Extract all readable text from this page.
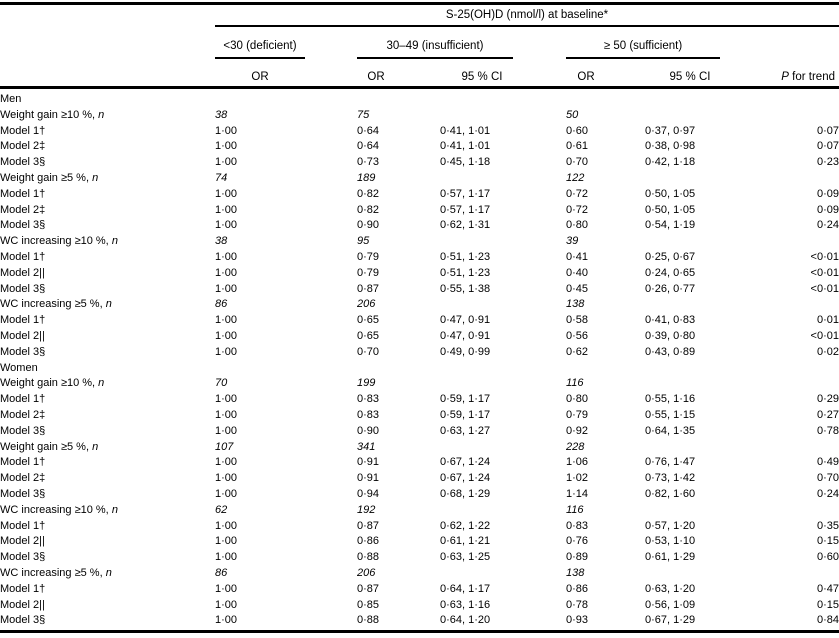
S-25(OH)D (nmol/l) at baseline*
<30 (deficient)	30–49 (insufficient)	≥ 50 (sufficient)
OR	OR	95 % CI	OR	95 % CI	P for trend
Men						
Weight gain ≥10 %, n	38	75		50		
Model 1†	1·00	0·64	0·41, 1·01	0·60	0·37, 0·97	0·07
Model 2‡	1·00	0·64	0·41, 1·01	0·61	0·38, 0·98	0·07
Model 3§	1·00	0·73	0·45, 1·18	0·70	0·42, 1·18	0·23
Weight gain ≥5 %, n	74	189		122		
Model 1†	1·00	0·82	0·57, 1·17	0·72	0·50, 1·05	0·09
Model 2‡	1·00	0·82	0·57, 1·17	0·72	0·50, 1·05	0·09
Model 3§	1·00	0·90	0·62, 1·31	0·80	0·54, 1·19	0·24
WC increasing ≥10 %, n	38	95		39		
Model 1†	1·00	0·79	0·51, 1·23	0·41	0·25, 0·67	<0·01
Model 2||	1·00	0·79	0·51, 1·23	0·40	0·24, 0·65	<0·01
Model 3§	1·00	0·87	0·55, 1·38	0·45	0·26, 0·77	<0·01
WC increasing ≥5 %, n	86	206		138		
Model 1†	1·00	0·65	0·47, 0·91	0·58	0·41, 0·83	0·01
Model 2||	1·00	0·65	0·47, 0·91	0·56	0·39, 0·80	<0·01
Model 3§	1·00	0·70	0·49, 0·99	0·62	0·43, 0·89	0·02
Women						
Weight gain ≥10 %, n	70	199		116		
Model 1†	1·00	0·83	0·59, 1·17	0·80	0·55, 1·16	0·29
Model 2‡	1·00	0·83	0·59, 1·17	0·79	0·55, 1·15	0·27
Model 3§	1·00	0·90	0·63, 1·27	0·92	0·64, 1·35	0·78
Weight gain ≥5 %, n	107	341		228		
Model 1†	1·00	0·91	0·67, 1·24	1·06	0·76, 1·47	0·49
Model 2‡	1·00	0·91	0·67, 1·24	1·02	0·73, 1·42	0·70
Model 3§	1·00	0·94	0·68, 1·29	1·14	0·82, 1·60	0·24
WC increasing ≥10 %, n	62	192		116		
Model 1†	1·00	0·87	0·62, 1·22	0·83	0·57, 1·20	0·35
Model 2||	1·00	0·86	0·61, 1·21	0·76	0·53, 1·10	0·15
Model 3§	1·00	0·88	0·63, 1·25	0·89	0·61, 1·29	0·60
WC increasing ≥5 %, n	86	206		138		
Model 1†	1·00	0·87	0·64, 1·17	0·86	0·63, 1·20	0·47
Model 2||	1·00	0·85	0·63, 1·16	0·78	0·56, 1·09	0·15
Model 3§	1·00	0·88	0·64, 1·20	0·93	0·67, 1·29	0·84
